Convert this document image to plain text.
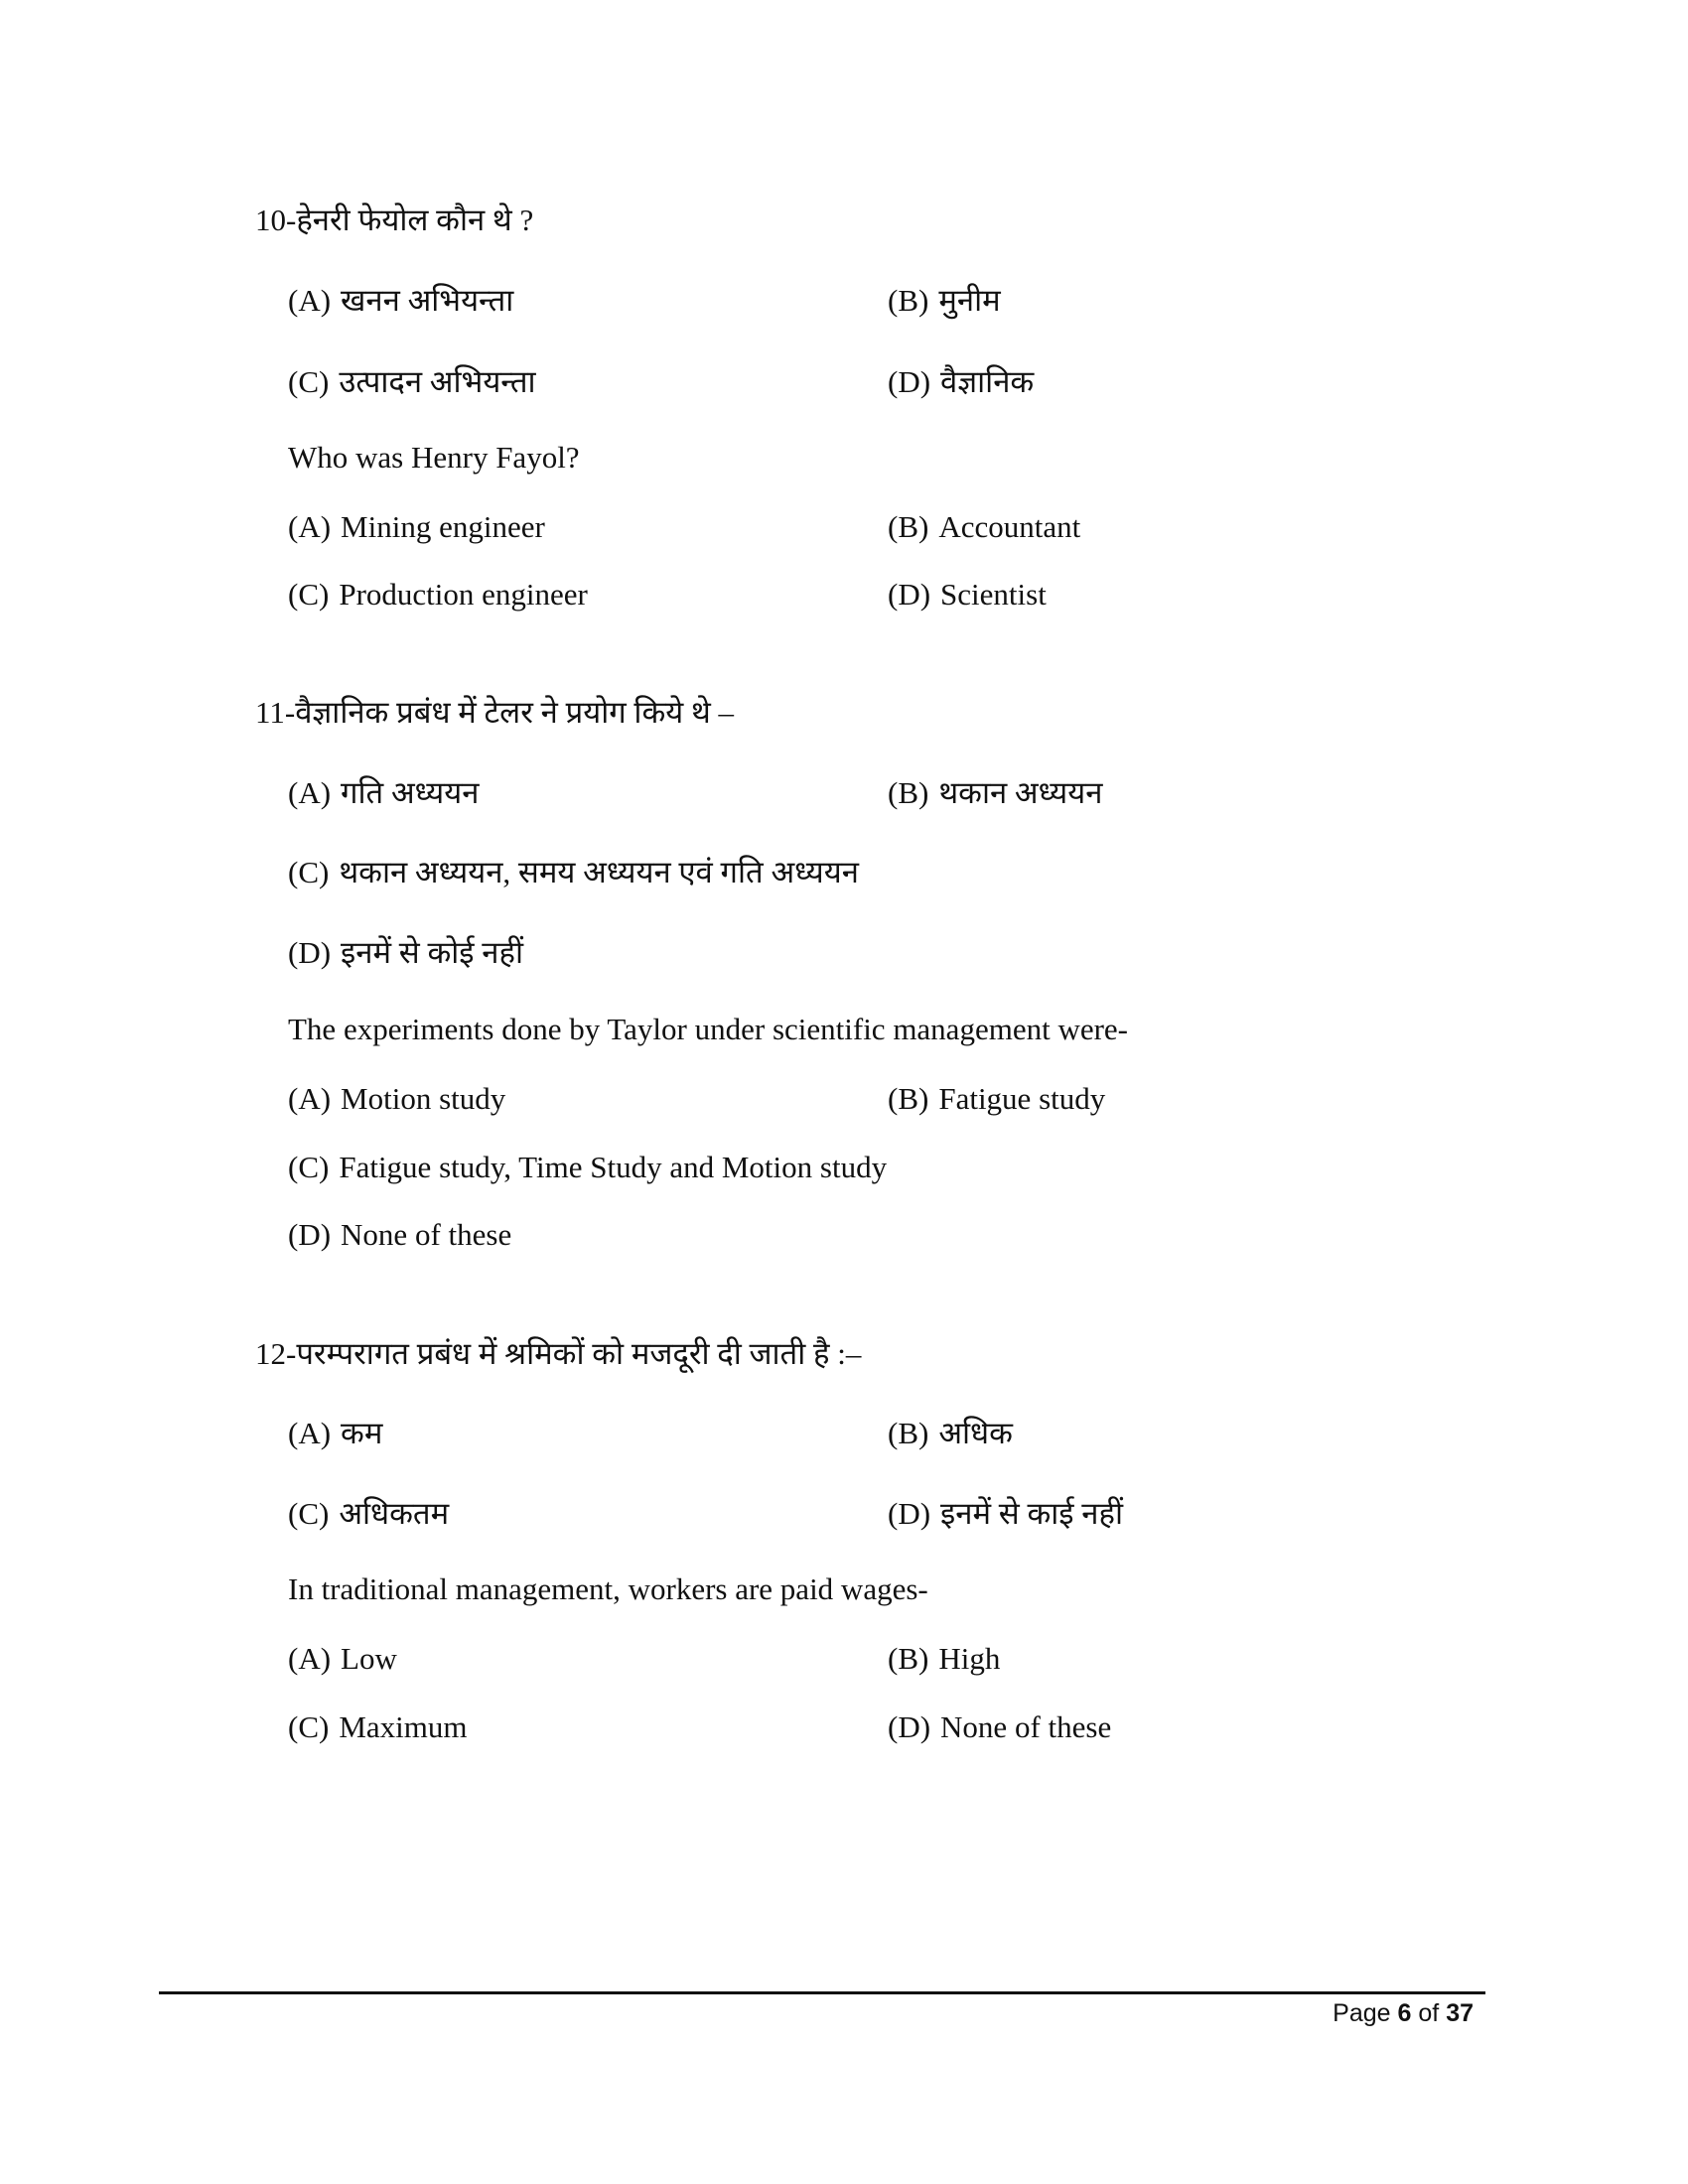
10-हेनरी फेयोल कौन थे ?
(A) खनन अभियन्ता	(B) मुनीम
(C) उत्पादन अभियन्ता	(D) वैज्ञानिक
Who was Henry Fayol?
(A) Mining engineer	(B) Accountant
(C) Production engineer	(D) Scientist
11-वैज्ञानिक प्रबंध में टेलर ने प्रयोग किये थे –
(A) गति अध्ययन	(B) थकान अध्ययन
(C) थकान अध्ययन, समय अध्ययन एवं गति अध्ययन
(D) इनमें से कोई नहीं
The experiments done by Taylor under scientific management were-
(A) Motion study	(B) Fatigue study
(C) Fatigue study, Time Study and Motion study
(D) None of these
12-परम्परागत प्रबंध में श्रमिकों को मजदूरी दी जाती है :–
(A) कम	(B) अधिक
(C) अधिकतम	(D) इनमें से काई नहीं
In traditional management, workers are paid wages-
(A) Low	(B) High
(C) Maximum	(D) None of these
Page 6 of 37
